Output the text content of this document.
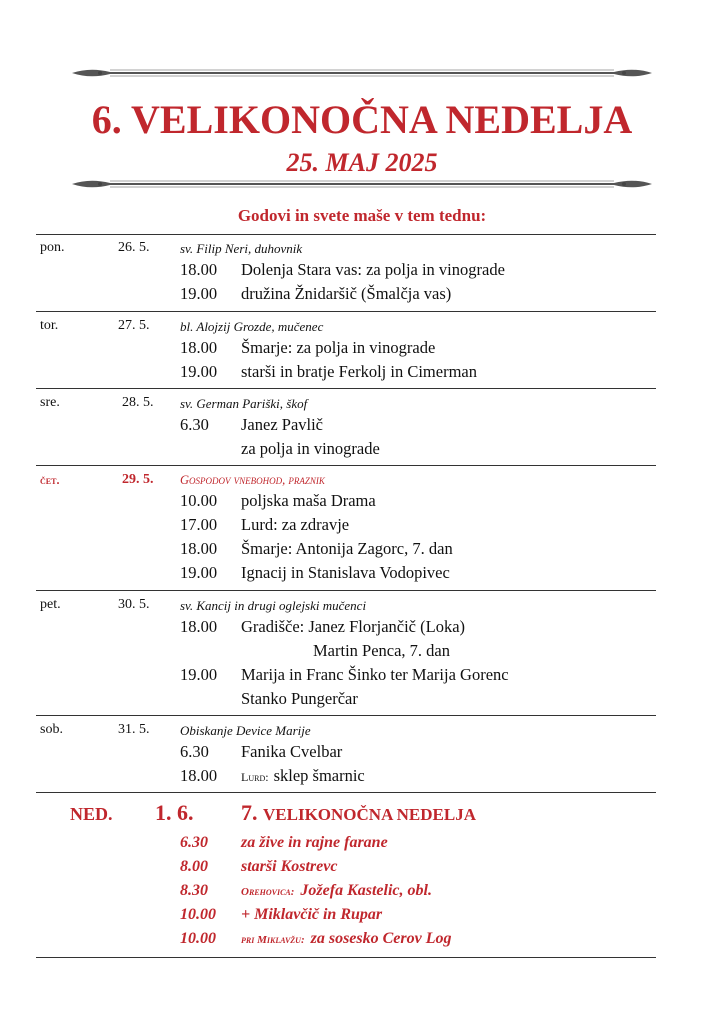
6. VELIKONOČNA NEDELJA
25. MAJ 2025
Godovi in svete maše v tem tednu:
pon.	26. 5. sv. Filip Neri, duhovnik
18.00 Dolenja Stara vas: za polja in vinograde
19.00 družina Žnidaršič (Šmalčja vas)
tor.	27. 5. bl. Alojzij Grozde, mučenec
18.00 Šmarje: za polja in vinograde
19.00 starši in bratje Ferkolj in Cimerman
sre.	28. 5. sv. German Pariški, škof
6.30 Janez Pavlič
za polja in vinograde
čet.	29. 5. Gospodov vnebohod, praznik
10.00 poljska maša Drama
17.00 Lurd: za zdravje
18.00 Šmarje: Antonija Zagorc, 7. dan
19.00 Ignacij in Stanislava Vodopivec
pet.	30. 5. sv. Kancij in drugi oglejski mučenci
18.00 Gradišče: Janez Florjančič (Loka)
Martin Penca, 7. dan
19.00 Marija in Franc Šinko ter Marija Gorenc
Stanko Pungerčar
sob.	31. 5. Obiskanje Device Marije
6.30 Fanika Cvelbar
18.00 Lurd: sklep šmarnic
NED. 1. 6. 7. VELIKONOČNA NEDELJA
6.30 za žive in rajne farane
8.00 starši Kostrevc
8.30	Orehovica: Jožefa Kastelic, obl.
10.00 + Miklavčič in Rupar
10.00 pri Miklavžu: za sosesko Cerov Log
